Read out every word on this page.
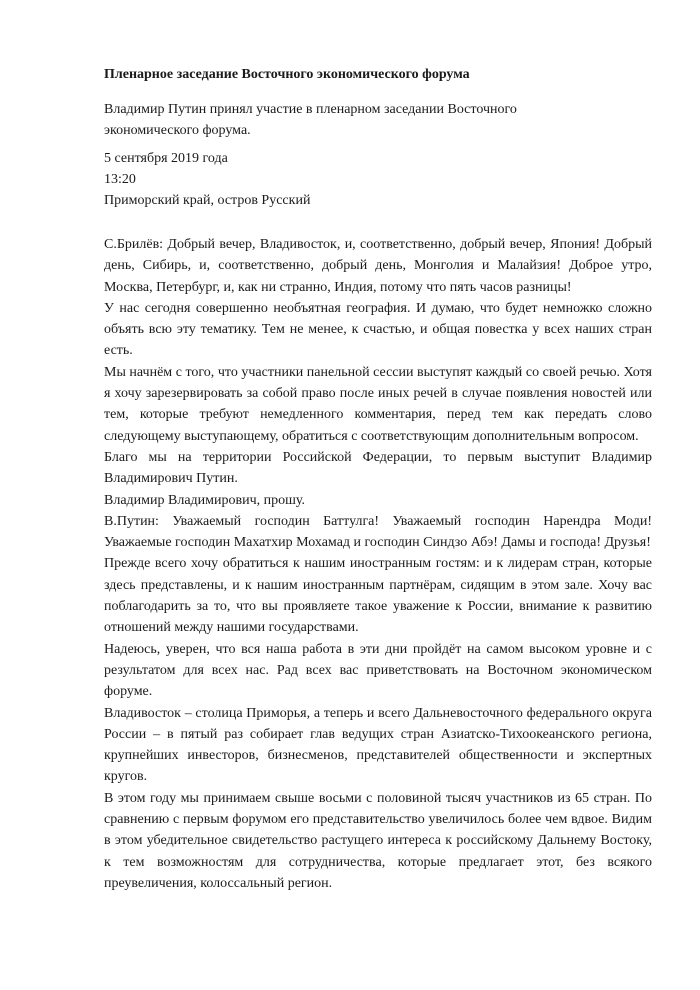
Пленарное заседание Восточного экономического форума

Владимир Путин принял участие в пленарном заседании Восточного экономического форума.

5 сентября 2019 года
13:20
Приморский край, остров Русский

С.Брилёв: Добрый вечер, Владивосток, и, соответственно, добрый вечер, Япония! Добрый день, Сибирь, и, соответственно, добрый день, Монголия и Малайзия! Доброе утро, Москва, Петербург, и, как ни странно, Индия, потому что пять часов разницы!

У нас сегодня совершенно необъятная география. И думаю, что будет немножко сложно объять всю эту тематику. Тем не менее, к счастью, и общая повестка у всех наших стран есть.

Мы начнём с того, что участники панельной сессии выступят каждый со своей речью. Хотя я хочу зарезервировать за собой право после иных речей в случае появления новостей или тем, которые требуют немедленного комментария, перед тем как передать слово следующему выступающему, обратиться с соответствующим дополнительным вопросом.

Благо мы на территории Российской Федерации, то первым выступит Владимир Владимирович Путин.

Владимир Владимирович, прошу.

В.Путин: Уважаемый господин Баттулга! Уважаемый господин Нарендра Моди! Уважаемые господин Махатхир Мохамад и господин Синдзо Абэ! Дамы и господа! Друзья!

Прежде всего хочу обратиться к нашим иностранным гостям: и к лидерам стран, которые здесь представлены, и к нашим иностранным партнёрам, сидящим в этом зале. Хочу вас поблагодарить за то, что вы проявляете такое уважение к России, внимание к развитию отношений между нашими государствами.

Надеюсь, уверен, что вся наша работа в эти дни пройдёт на самом высоком уровне и с результатом для всех нас. Рад всех вас приветствовать на Восточном экономическом форуме.

Владивосток – столица Приморья, а теперь и всего Дальневосточного федерального округа России – в пятый раз собирает глав ведущих стран Азиатско-Тихоокеанского региона, крупнейших инвесторов, бизнесменов, представителей общественности и экспертных кругов.

В этом году мы принимаем свыше восьми с половиной тысяч участников из 65 стран. По сравнению с первым форумом его представительство увеличилось более чем вдвое. Видим в этом убедительное свидетельство растущего интереса к российскому Дальнему Востоку, к тем возможностям для сотрудничества, которые предлагает этот, без всякого преувеличения, колоссальный регион.
